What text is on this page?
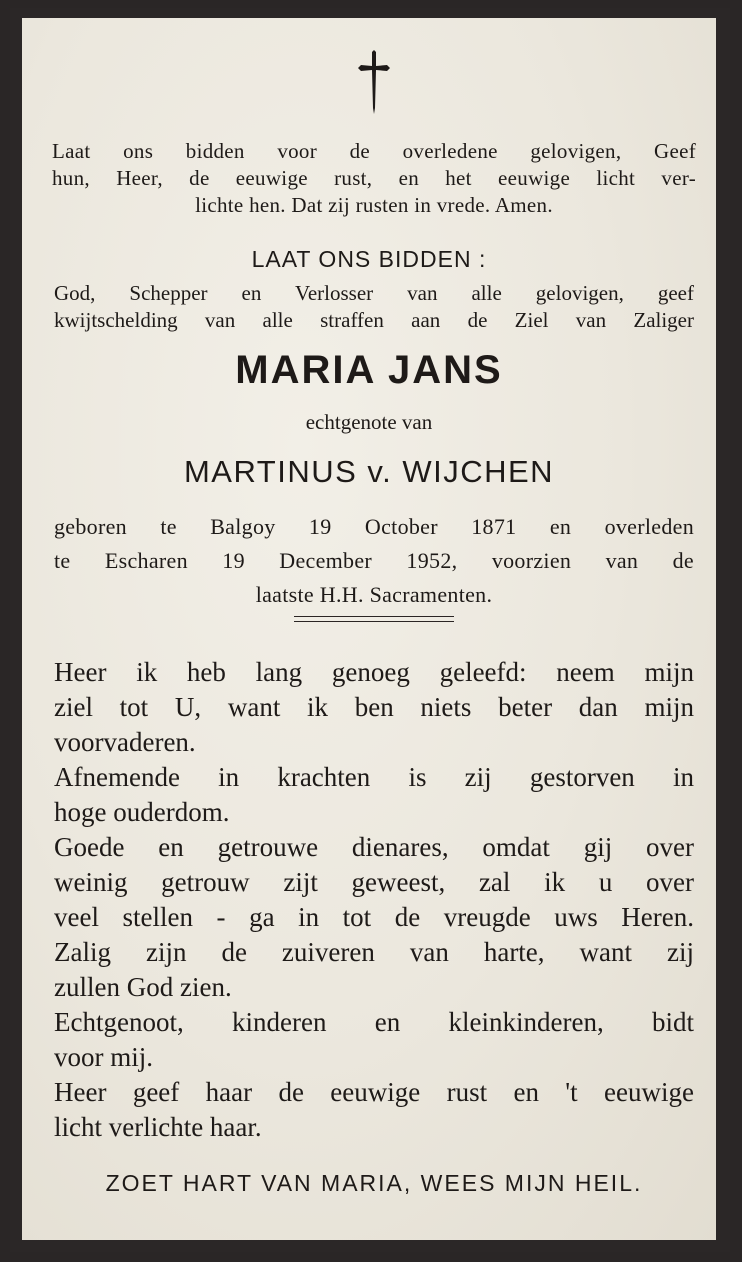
Laat ons bidden voor de overledene gelovigen, Geef
hun, Heer, de eeuwige rust, en het eeuwige licht ver-
lichte hen. Dat zij rusten in vrede. Amen.
LAAT ONS BIDDEN :
God, Schepper en Verlosser van alle gelovigen, geef
kwijtschelding van alle straffen aan de Ziel van Zaliger
MARIA JANS
echtgenote van
MARTINUS v. WIJCHEN
geboren te Balgoy 19 October 1871 en overleden
te Escharen 19 December 1952, voorzien van de
laatste H.H. Sacramenten.
Heer ik heb lang genoeg geleefd: neem mijn
ziel tot U, want ik ben niets beter dan mijn
voorvaderen.
Afnemende in krachten is zij gestorven in
hoge ouderdom.
Goede en getrouwe dienares, omdat gij over
weinig getrouw zijt geweest, zal ik u over
veel stellen - ga in tot de vreugde uws Heren.
Zalig zijn de zuiveren van harte, want zij
zullen God zien.
Echtgenoot, kinderen en kleinkinderen, bidt
voor mij.
Heer geef haar de eeuwige rust en 't eeuwige
licht verlichte haar.
ZOET HART VAN MARIA, WEES MIJN HEIL.
